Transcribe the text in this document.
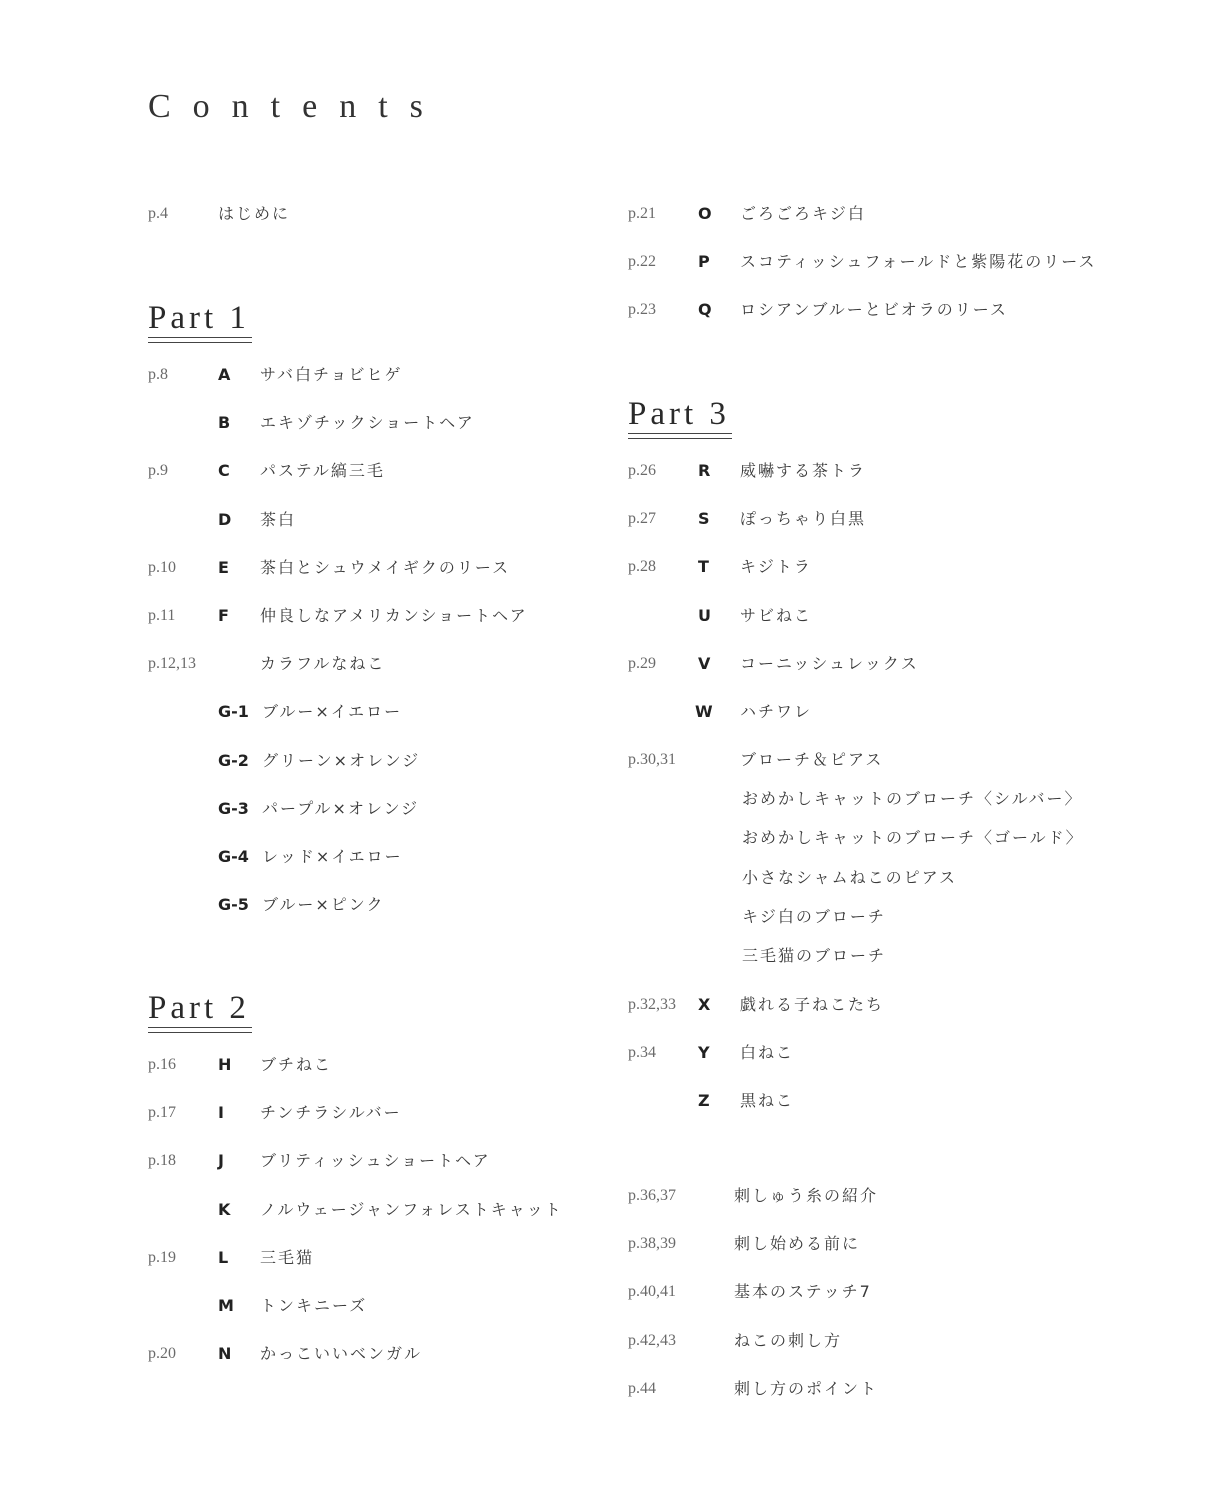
Contents
p.4	はじめに
Part 1
p.8	A サバ白チョビヒゲ
B エキゾチックショートヘア
p.9	C パステル縞三毛
D 茶白
p.10	E 茶白とシュウメイギクのリース
p.11	F 仲良しなアメリカンショートヘア
p.12,13	カラフルなねこ
G-1 ブルー×イエロー
G-2 グリーン×オレンジ
G-3 パープル×オレンジ
G-4 レッド×イエロー
G-5 ブルー×ピンク
Part 2
p.16	H ブチねこ
p.17	I チンチラシルバー
p.18	J ブリティッシュショートヘア
K ノルウェージャンフォレストキャット
p.19	L 三毛猫
M トンキニーズ
p.20	N かっこいいベンガル
p.21	O ごろごろキジ白
p.22	P スコティッシュフォールドと紫陽花のリース
p.23	Q ロシアンブルーとビオラのリース
Part 3
p.26	R 威嚇する茶トラ
p.27	S ぽっちゃり白黒
p.28	T キジトラ
U サビねこ
p.29	V コーニッシュレックス
W ハチワレ
p.30,31	ブローチ＆ピアス
おめかしキャットのブローチ〈シルバー〉
おめかしキャットのブローチ〈ゴールド〉
小さなシャムねこのピアス
キジ白のブローチ
三毛猫のブローチ
p.32,33 X 戯れる子ねこたち
p.34	Y 白ねこ
Z 黒ねこ
p.36,37	刺しゅう糸の紹介
p.38,39	刺し始める前に
p.40,41	基本のステッチ7
p.42,43	ねこの刺し方
p.44	刺し方のポイント
